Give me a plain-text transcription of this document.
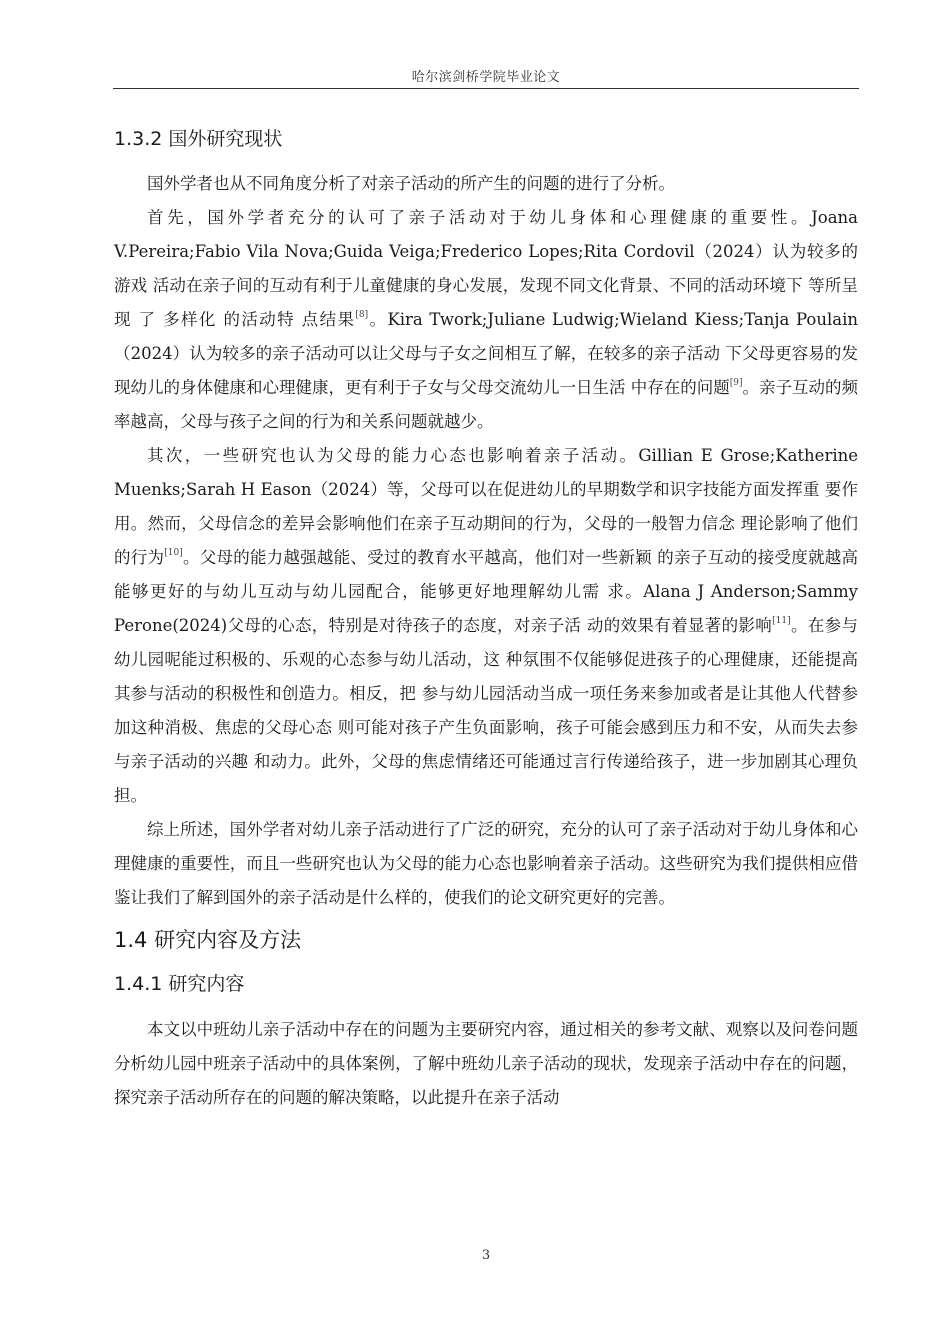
哈尔滨剑桥学院毕业论文
1.3.2 国外研究现状

国外学者也从不同角度分析了对亲子活动的所产生的问题的进行了分析。

首先，国外学者充分的认可了亲子活动对于幼儿身体和心理健康的重要性。Joana V.Pereira;Fabio Vila Nova;Guida Veiga;Frederico Lopes;Rita Cordovil（2024）认为较多的游戏 活动在亲子间的互动有利于儿童健康的身心发展，发现不同文化背景、不同的活动环境下 等所呈现 了 多样化 的活动特 点结果[8]。Kira Twork;Juliane Ludwig;Wieland Kiess;Tanja Poulain（2024）认为较多的亲子活动可以让父母与子女之间相互了解，在较多的亲子活动 下父母更容易的发现幼儿的身体健康和心理健康，更有利于子女与父母交流幼儿一日生活 中存在的问题[9]。亲子互动的频率越高，父母与孩子之间的行为和关系问题就越少。

其次，一些研究也认为父母的能力心态也影响着亲子活动。Gillian E Grose;Katherine Muenks;Sarah H Eason（2024）等，父母可以在促进幼儿的早期数学和识字技能方面发挥重 要作用。然而，父母信念的差异会影响他们在亲子互动期间的行为，父母的一般智力信念 理论影响了他们的行为[10]。父母的能力越强越能、受过的教育水平越高，他们对一些新颖 的亲子互动的接受度就越高能够更好的与幼儿互动与幼儿园配合，能够更好地理解幼儿需 求。Alana J Anderson;Sammy Perone(2024)父母的心态，特别是对待孩子的态度，对亲子活 动的效果有着显著的影响[11]。在参与幼儿园呢能过积极的、乐观的心态参与幼儿活动，这 种氛围不仅能够促进孩子的心理健康，还能提高其参与活动的积极性和创造力。相反，把 参与幼儿园活动当成一项任务来参加或者是让其他人代替参加这种消极、焦虑的父母心态 则可能对孩子产生负面影响，孩子可能会感到压力和不安，从而失去参与亲子活动的兴趣 和动力。此外，父母的焦虑情绪还可能通过言行传递给孩子，进一步加剧其心理负担。

综上所述，国外学者对幼儿亲子活动进行了广泛的研究，充分的认可了亲子活动对于幼儿身体和心理健康的重要性，而且一些研究也认为父母的能力心态也影响着亲子活动。这些研究为我们提供相应借鉴让我们了解到国外的亲子活动是什么样的，使我们的论文研究更好的完善。

1.4 研究内容及方法
1.4.1 研究内容

本文以中班幼儿亲子活动中存在的问题为主要研究内容，通过相关的参考文献、观察以及问卷问题分析幼儿园中班亲子活动中的具体案例，了解中班幼儿亲子活动的现状，发现亲子活动中存在的问题，探究亲子活动所存在的问题的解决策略，以此提升在亲子活动

3
